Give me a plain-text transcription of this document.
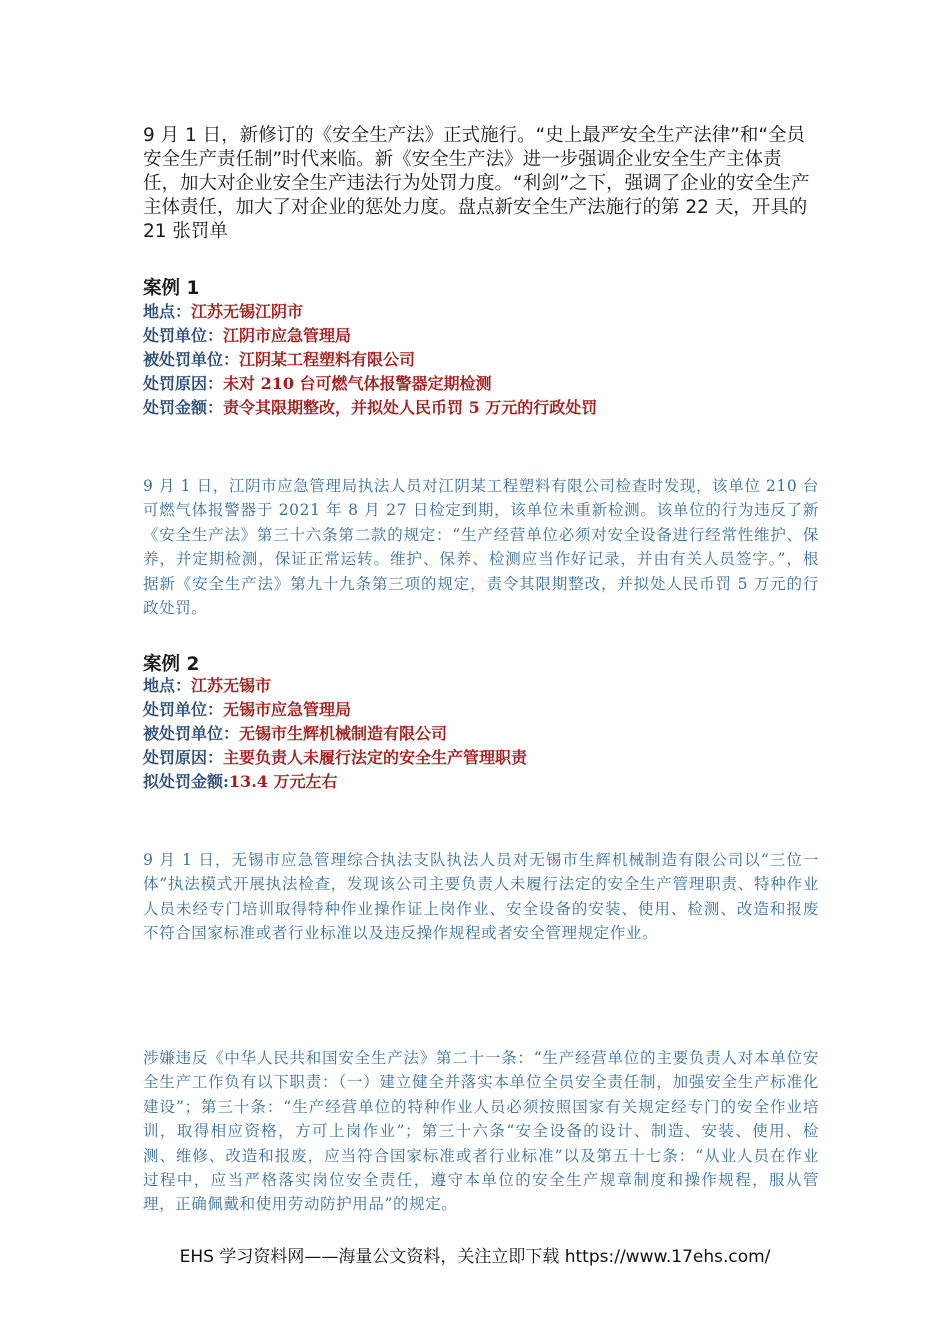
9 月 1 日，新修订的《安全生产法》正式施行。“史上最严安全生产法律”和“全员安全生产责任制”时代来临。新《安全生产法》进一步强调企业安全生产主体责任，加大对企业安全生产违法行为处罚力度。“利剑”之下，强调了企业的安全生产主体责任，加大了对企业的惩处力度。盘点新安全生产法施行的第 22 天，开具的 21 张罚单

案例 1

地点：江苏无锡江阴市
处罚单位：江阴市应急管理局
被处罚单位：江阴某工程塑料有限公司
处罚原因：未对 210 台可燃气体报警器定期检测
处罚金额：责令其限期整改，并拟处人民币罚 5 万元的行政处罚

9 月 1 日，江阴市应急管理局执法人员对江阴某工程塑料有限公司检查时发现，该单位 210 台可燃气体报警器于 2021 年 8 月 27 日检定到期，该单位未重新检测。该单位的行为违反了新《安全生产法》第三十六条第二款的规定：“生产经营单位必须对安全设备进行经常性维护、保养，并定期检测，保证正常运转。维护、保养、检测应当作好记录，并由有关人员签字。”，根据新《安全生产法》第九十九条第三项的规定，责令其限期整改，并拟处人民币罚 5 万元的行政处罚。

案例 2

地点：江苏无锡市
处罚单位：无锡市应急管理局
被处罚单位：无锡市生辉机械制造有限公司
处罚原因：主要负责人未履行法定的安全生产管理职责
拟处罚金额:13.4 万元左右

9 月 1 日，无锡市应急管理综合执法支队执法人员对无锡市生辉机械制造有限公司以“三位一体”执法模式开展执法检查，发现该公司主要负责人未履行法定的安全生产管理职责、特种作业人员未经专门培训取得特种作业操作证上岗作业、安全设备的安装、使用、检测、改造和报废不符合国家标准或者行业标准以及违反操作规程或者安全管理规定作业。

涉嫌违反《中华人民共和国安全生产法》第二十一条：“生产经营单位的主要负责人对本单位安全生产工作负有以下职责：（一）建立健全并落实本单位全员安全责任制，加强安全生产标准化建设”；第三十条：“生产经营单位的特种作业人员必须按照国家有关规定经专门的安全作业培训，取得相应资格，方可上岗作业”；第三十六条“安全设备的设计、制造、安装、使用、检测、维修、改造和报废，应当符合国家标准或者行业标准”以及第五十七条：“从业人员在作业过程中，应当严格落实岗位安全责任，遵守本单位的安全生产规章制度和操作规程，服从管理，正确佩戴和使用劳动防护用品”的规定。

EHS 学习资料网——海量公文资料，关注立即下载 https://www.17ehs.com/
